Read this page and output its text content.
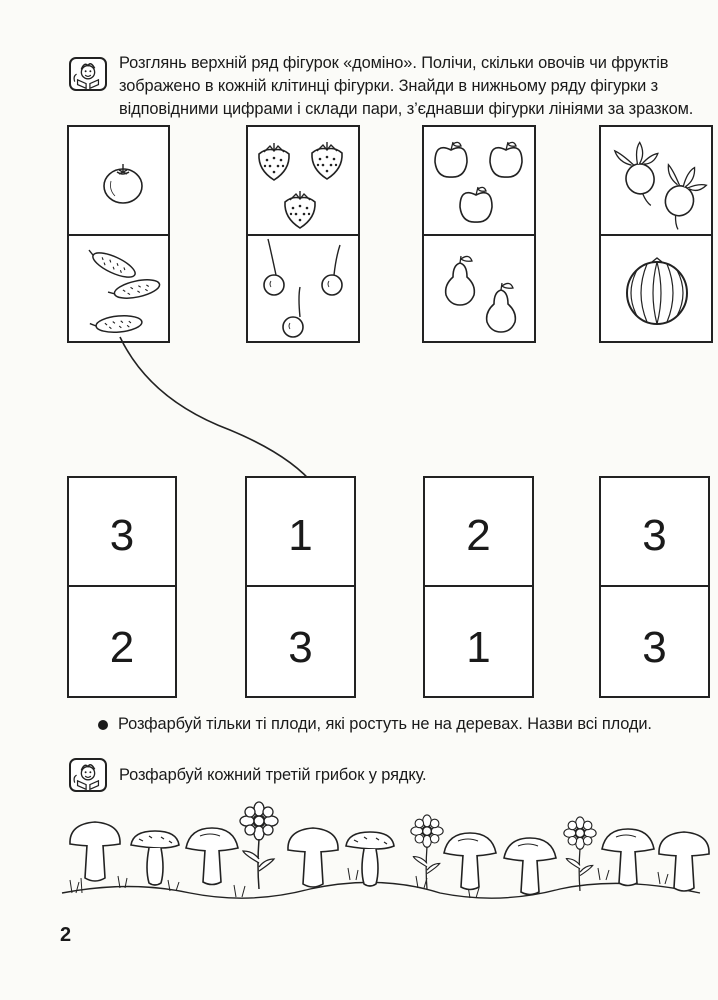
Розглянь верхній ряд фігурок «доміно». Полічи, скільки овочів чи фруктів зображено в кожній клітинці фігурки. Знайди в нижньому ряду фігурки з відповідними цифрами і склади пари, з’єднавши фігурки лініями за зразком.
3
2
1
3
2
1
3
3
Розфарбуй тільки ті плоди, які ростуть не на деревах. Назви всі плоди.
Розфарбуй кожний третій грибок у рядку.
2
